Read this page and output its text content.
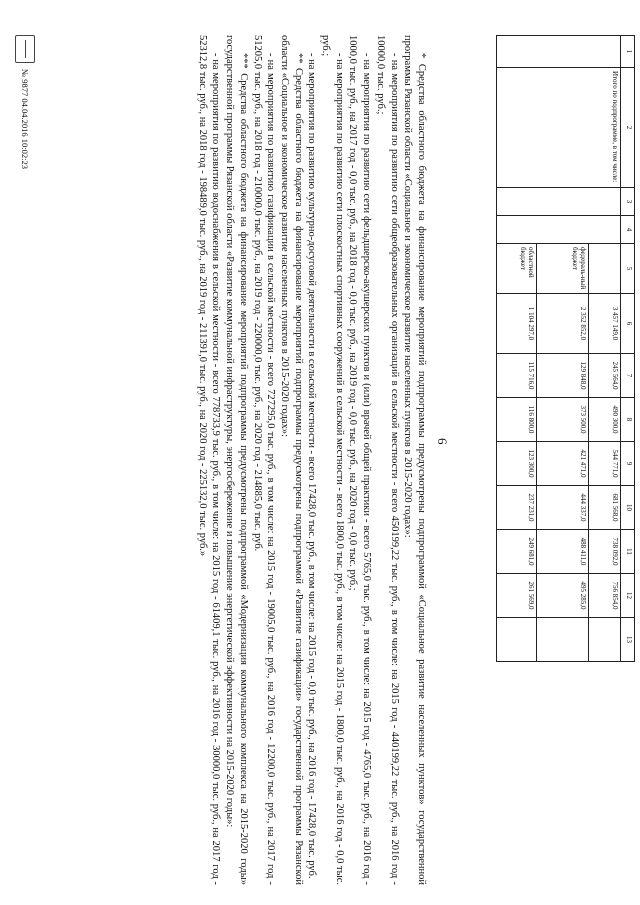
1	2	3	4	5	6	7	8	9	10	11	12	13
	Итого по подпрограмме, в том числе:				3 457 149,0	245 564,0	490 300,0	544 771,0	681 568,0	738 092,0	756 854,0	
				федераль-ный бюджет	2 352 852,0	129 848,0	373 500,0	421 471,0	444 337,0	488 411,0	495 285,0	
				областной бюджет	1 104 297,0	115 716,0	116 800,0	123 300,0	237 231,0	249 681,0	261 569,0	
6

* Средства областного бюджета на финансирование мероприятий подпрограммы предусмотрены подпрограммой «Социальное развитие населенных пунктов» государственной программы Рязанской области «Социальное и экономическое развитие населенных пунктов в 2015-2020 годах»:

- на мероприятия по развитию сети общеобразовательных организаций в сельской местности - всего 450199,22 тыс. руб., в том числе: на 2015 год - 440199,22 тыс. руб., на 2016 год - 10000,0 тыс. руб.;

- на мероприятия по развитию сети фельдшерско-акушерских пунктов и (или) врачей общей практики - всего 5765,0 тыс. руб., в том числе: на 2015 год - 4765,0 тыс. руб., на 2016 год - 1000,0 тыс. руб., на 2017 год - 0,0 тыс. руб., на 2018 год - 0,0 тыс. руб., на 2019 год - 0,0 тыс. руб., на 2020 год - 0,0 тыс. руб.;

- на мероприятия по развитию сети плоскостных спортивных сооружений в сельской местности - всего 1800,0 тыс. руб., в том числе: на 2015 год - 1800,0 тыс. руб., на 2016 год - 0,0 тыс. руб.;

- на мероприятия по развитию культурно-досуговой деятельности в сельской местности - всего 17428,0 тыс. руб., в том числе: на 2015 год - 0,0 тыс. руб., на 2016 год - 17428,0 тыс. руб.

** Средства областного бюджета на финансирование мероприятий подпрограммы предусмотрены подпрограммой «Развитие газификации» государственной программы Рязанской области «Социальное и экономическое развитие населенных пунктов в 2015-2020 годах»:

- на мероприятия по развитию газификации в сельской местности - всего 727295,0 тыс. руб., в том числе: на 2015 год - 19005,0 тыс. руб., на 2016 год - 12200,0 тыс. руб., на 2017 год - 51205,0 тыс. руб., на 2018 год - 210000,0 тыс. руб., на 2019 год - 220000,0 тыс. руб., на 2020 год - 214885,0 тыс. руб.

*** Средства областного бюджета на финансирование мероприятий подпрограммы предусмотрены подпрограммой «Модернизация коммунального комплекса на 2015-2020 годы» государственной программы Рязанской области «Развитие коммунальной инфраструктуры, энергосбережение и повышение энергетической эффективности на 2015-2020 годы»:

- на мероприятия по развитию водоснабжения в сельской местности - всего 778733,9 тыс. руб., в том числе: на 2015 год - 61409,1 тыс. руб., на 2016 год - 30000,0 тыс. руб., на 2017 год - 52312,8 тыс. руб., на 2018 год - 198489,0 тыс. руб., на 2019 год - 211391,0 тыс. руб., на 2020 год - 225132,0 тыс. руб.»

№ 9877 04.04.2016 10:02:23
